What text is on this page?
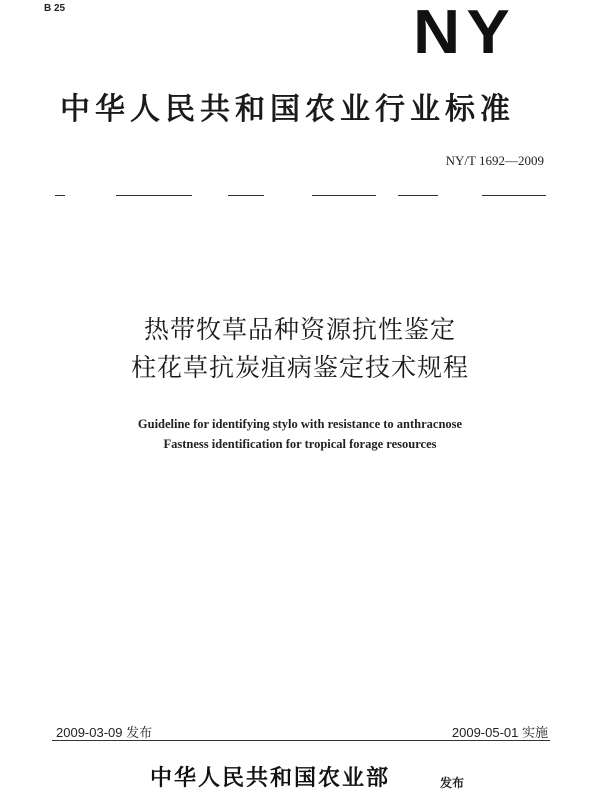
B 25	NY
中华人民共和国农业行业标准
NY/T 1692—2009
热带牧草品种资源抗性鉴定
柱花草抗炭疽病鉴定技术规程
Guideline for identifying stylo with resistance to anthracnose
Fastness identification for tropical forage resources
2009-03-09 发布	2009-05-01 实施
中华人民共和国农业部	发布
